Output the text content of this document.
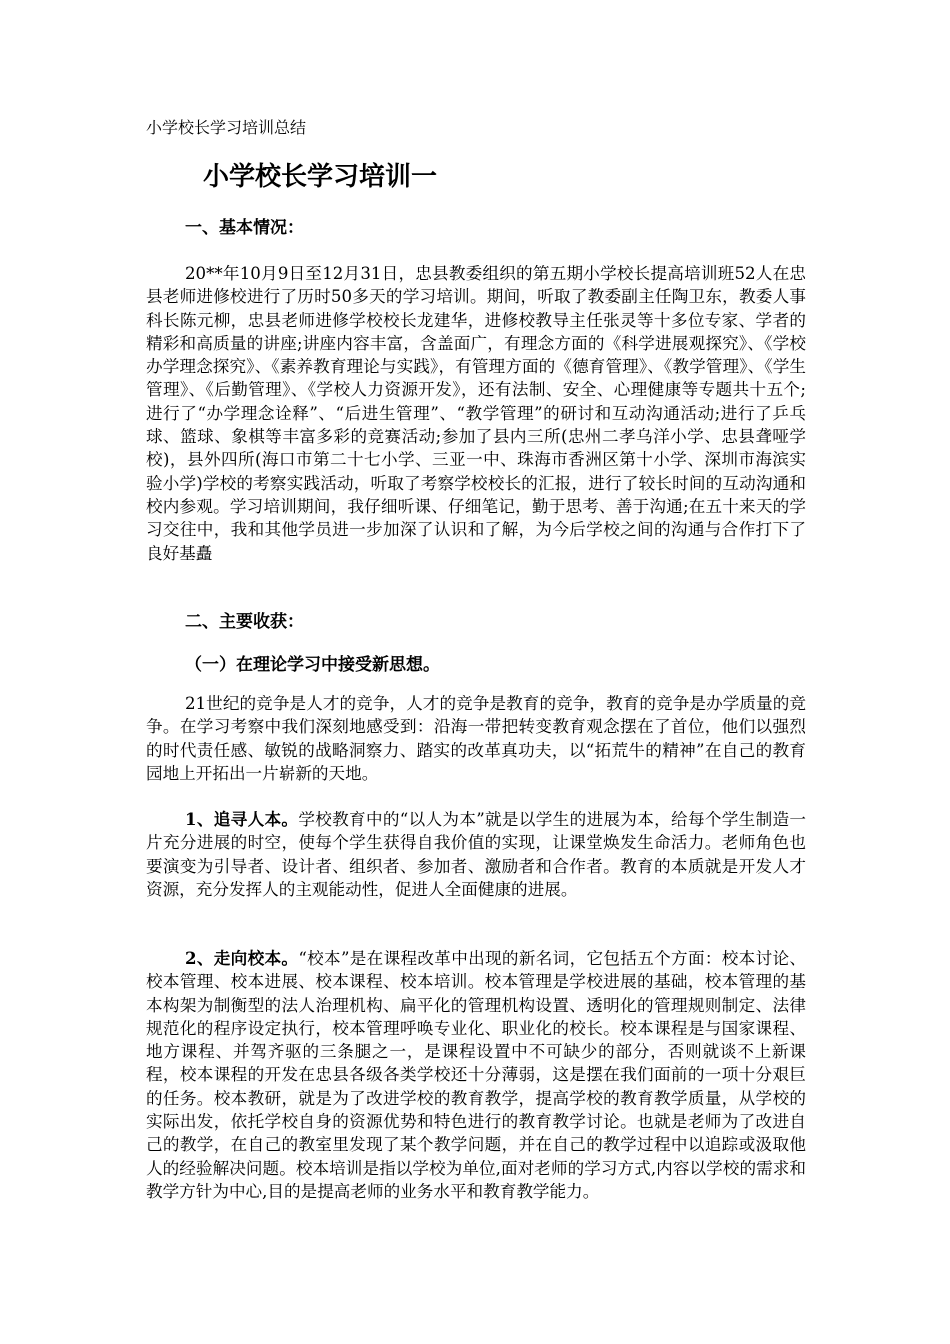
小学校长学习培训总结
小学校长学习培训一
一、基本情况：
20**年10月9日至12月31日，忠县教委组织的第五期小学校长提高培训班52人在忠县老师进修校进行了历时50多天的学习培训。期间，听取了教委副主任陶卫东，教委人事科长陈元柳，忠县老师进修学校校长龙建华，进修校教导主任张灵等十多位专家、学者的精彩和高质量的讲座;讲座内容丰富，含盖面广，有理念方面的《科学进展观探究》、《学校办学理念探究》、《素养教育理论与实践》，有管理方面的《德育管理》、《教学管理》、《学生管理》、《后勤管理》、《学校人力资源开发》，还有法制、安全、心理健康等专题共十五个;进行了“办学理念诠释”、“后进生管理”、“教学管理”的研讨和互动沟通活动;进行了乒乓球、篮球、象棋等丰富多彩的竞赛活动;参加了县内三所(忠州二孝乌洋小学、忠县聋哑学校)，县外四所(海口市第二十七小学、三亚一中、珠海市香洲区第十小学、深圳市海滨实验小学)学校的考察实践活动，听取了考察学校校长的汇报，进行了较长时间的互动沟通和校内参观。学习培训期间，我仔细听课、仔细笔记，勤于思考、善于沟通;在五十来天的学习交往中，我和其他学员进一步加深了认识和了解，为今后学校之间的沟通与合作打下了良好基矗
二、主要收获：
（一）在理论学习中接受新思想。
21世纪的竞争是人才的竞争，人才的竞争是教育的竞争，教育的竞争是办学质量的竞争。在学习考察中我们深刻地感受到：沿海一带把转变教育观念摆在了首位，他们以强烈的时代责任感、敏锐的战略洞察力、踏实的改革真功夫，以“拓荒牛的精神”在自己的教育园地上开拓出一片崭新的天地。
1、追寻人本。学校教育中的“以人为本”就是以学生的进展为本，给每个学生制造一片充分进展的时空，使每个学生获得自我价值的实现，让课堂焕发生命活力。老师角色也要演变为引导者、设计者、组织者、参加者、激励者和合作者。教育的本质就是开发人才资源，充分发挥人的主观能动性，促进人全面健康的进展。
2、走向校本。“校本”是在课程改革中出现的新名词，它包括五个方面：校本讨论、校本管理、校本进展、校本课程、校本培训。校本管理是学校进展的基础，校本管理的基本构架为制衡型的法人治理机构、扁平化的管理机构设置、透明化的管理规则制定、法律规范化的程序设定执行，校本管理呼唤专业化、职业化的校长。校本课程是与国家课程、地方课程、并驾齐驱的三条腿之一，是课程设置中不可缺少的部分，否则就谈不上新课程，校本课程的开发在忠县各级各类学校还十分薄弱，这是摆在我们面前的一项十分艰巨的任务。校本教研，就是为了改进学校的教育教学，提高学校的教育教学质量，从学校的实际出发，依托学校自身的资源优势和特色进行的教育教学讨论。也就是老师为了改进自己的教学，在自己的教室里发现了某个教学问题，并在自己的教学过程中以追踪或汲取他人的经验解决问题。校本培训是指以学校为单位,面对老师的学习方式,内容以学校的需求和教学方针为中心,目的是提高老师的业务水平和教育教学能力。
